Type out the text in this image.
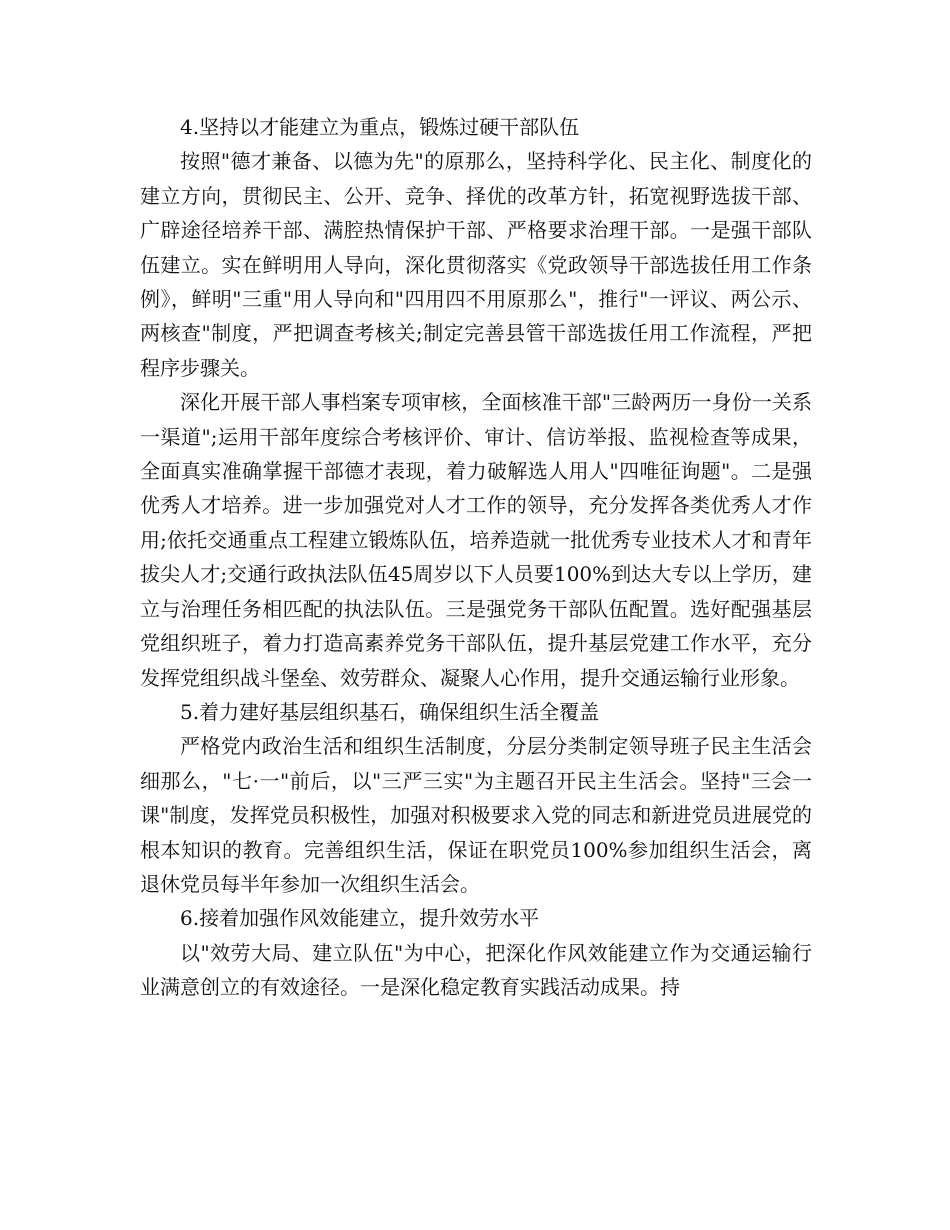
4.坚持以才能建立为重点，锻炼过硬干部队伍

按照"德才兼备、以德为先"的原那么，坚持科学化、民主化、制度化的建立方向，贯彻民主、公开、竞争、择优的改革方针，拓宽视野选拔干部、广辟途径培养干部、满腔热情保护干部、严格要求治理干部。一是强干部队伍建立。实在鲜明用人导向，深化贯彻落实《党政领导干部选拔任用工作条例》，鲜明"三重"用人导向和"四用四不用原那么"，推行"一评议、两公示、两核查"制度，严把调查考核关;制定完善县管干部选拔任用工作流程，严把程序步骤关。

深化开展干部人事档案专项审核，全面核准干部"三龄两历一身份一关系一渠道";运用干部年度综合考核评价、审计、信访举报、监视检查等成果，全面真实准确掌握干部德才表现，着力破解选人用人"四唯征询题"。二是强优秀人才培养。进一步加强党对人才工作的领导，充分发挥各类优秀人才作用;依托交通重点工程建立锻炼队伍，培养造就一批优秀专业技术人才和青年拔尖人才;交通行政执法队伍45周岁以下人员要100%到达大专以上学历，建立与治理任务相匹配的执法队伍。三是强党务干部队伍配置。选好配强基层党组织班子，着力打造高素养党务干部队伍，提升基层党建工作水平，充分发挥党组织战斗堡垒、效劳群众、凝聚人心作用，提升交通运输行业形象。

5.着力建好基层组织基石，确保组织生活全覆盖

严格党内政治生活和组织生活制度，分层分类制定领导班子民主生活会细那么，"七·一"前后，以"三严三实"为主题召开民主生活会。坚持"三会一课"制度，发挥党员积极性，加强对积极要求入党的同志和新进党员进展党的根本知识的教育。完善组织生活，保证在职党员100%参加组织生活会，离退休党员每半年参加一次组织生活会。

6.接着加强作风效能建立，提升效劳水平

以"效劳大局、建立队伍"为中心，把深化作风效能建立作为交通运输行业满意创立的有效途径。一是深化稳定教育实践活动成果。持
